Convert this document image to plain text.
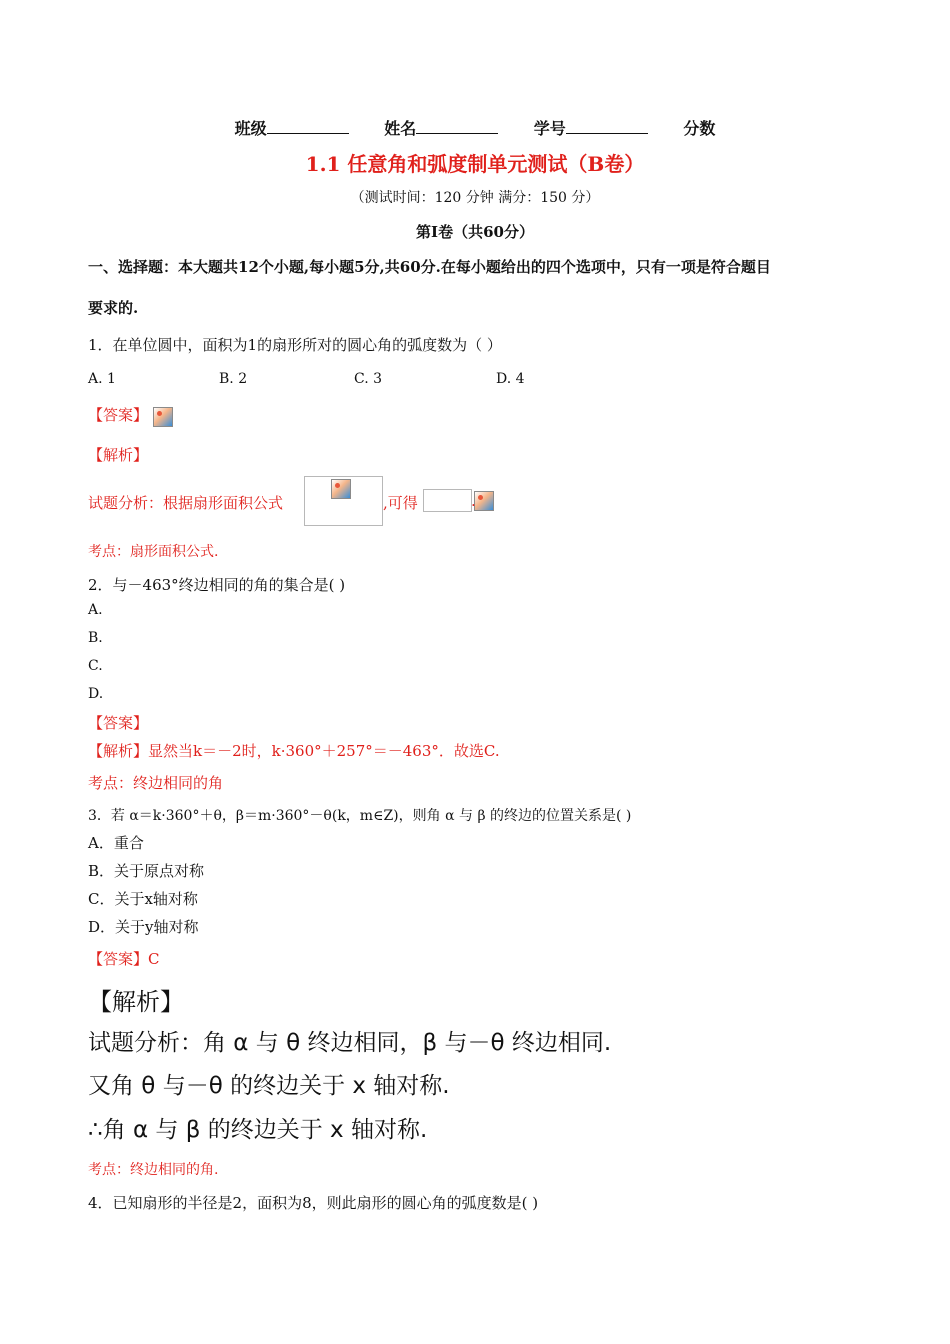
班级	姓名	学号	分数
1.1 任意角和弧度制单元测试（B卷）
（测试时间：120 分钟 满分：150 分）
第Ⅰ卷（共60分）
一、选择题：本大题共12个小题,每小题5分,共60分.在每小题给出的四个选项中，只有一项是符合题目
要求的.
1．在单位圆中，面积为1的扇形所对的圆心角的弧度数为（ ）
A. 1	B. 2	C. 3	D. 4
【答案】

【解析】
试题分析：根据扇形面积公式
	,可得	.
考点：扇形面积公式.
2．与－463°终边相同的角的集合是( )
A.
B.
C.
D.
【答案】
【解析】显然当k＝－2时，k·360°＋257°＝－463°．故选C.
考点：终边相同的角
3．若 α＝k·360°＋θ，β＝m·360°－θ(k，m∈Z)，则角 α 与 β 的终边的位置关系是( )
A．重合
B．关于原点对称
C．关于x轴对称
D．关于y轴对称
【答案】C
【解析】
试题分析：角 α 与 θ 终边相同，β 与－θ 终边相同.
又角 θ 与－θ 的终边关于 x 轴对称.
∴角 α 与 β 的终边关于 x 轴对称.
考点：终边相同的角.
4．已知扇形的半径是2，面积为8，则此扇形的圆心角的弧度数是( )
